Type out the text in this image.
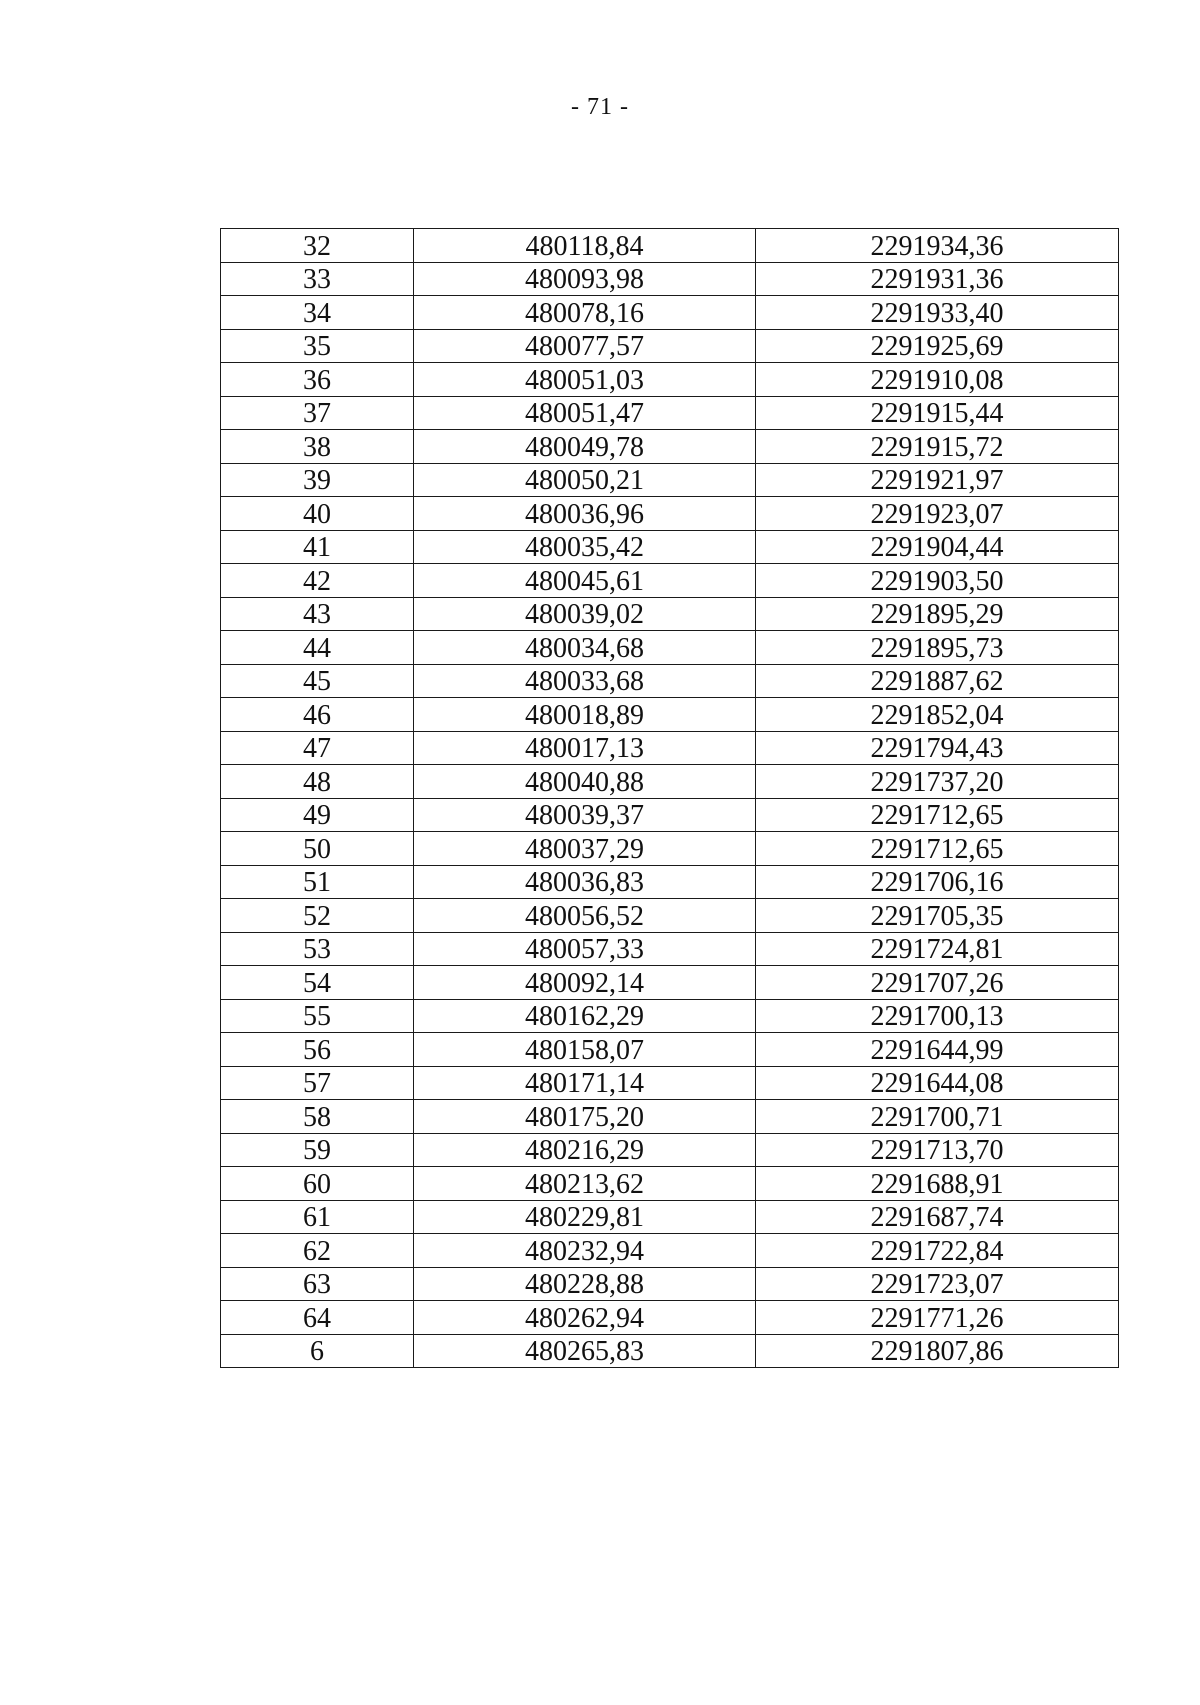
- 71 -
32	480118,84	2291934,36
33	480093,98	2291931,36
34	480078,16	2291933,40
35	480077,57	2291925,69
36	480051,03	2291910,08
37	480051,47	2291915,44
38	480049,78	2291915,72
39	480050,21	2291921,97
40	480036,96	2291923,07
41	480035,42	2291904,44
42	480045,61	2291903,50
43	480039,02	2291895,29
44	480034,68	2291895,73
45	480033,68	2291887,62
46	480018,89	2291852,04
47	480017,13	2291794,43
48	480040,88	2291737,20
49	480039,37	2291712,65
50	480037,29	2291712,65
51	480036,83	2291706,16
52	480056,52	2291705,35
53	480057,33	2291724,81
54	480092,14	2291707,26
55	480162,29	2291700,13
56	480158,07	2291644,99
57	480171,14	2291644,08
58	480175,20	2291700,71
59	480216,29	2291713,70
60	480213,62	2291688,91
61	480229,81	2291687,74
62	480232,94	2291722,84
63	480228,88	2291723,07
64	480262,94	2291771,26
6	480265,83	2291807,86
